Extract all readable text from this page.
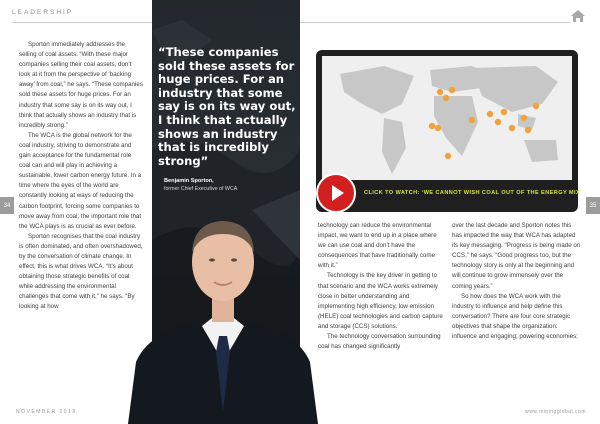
LEADERSHIP

Sporton immediately addresses the selling of coal assets. “With these major companies selling their coal assets, don’t look at it from the perspective of ‘backing away’ from coal,” he says. “These companies sold these assets for huge prices. For an industry that some say is on its way out, I think that actually shows an industry that is incredibly strong.”

The WCA is the global network for the coal industry, striving to demonstrate and gain acceptance for the fundamental role coal can and will play in achieving a sustainable, lower carbon energy future. In a time where the eyes of the world are constantly looking at ways of reducing the carbon footprint, forcing some companies to move away from coal, the important role that the WCA plays is as crucial as ever before.

Sporton recognises that the coal industry is often dominated, and often overshadowed, by the conversation of climate change. In effect, this is what drives WCA. “It’s about obtaining those strategic benefits of coal while addressing the environmental challenges that come with it,” he says. “By looking at how

34	35
“These companies sold these assets for huge prices. For an industry that some say is on its way out, I think that actually shows an industry that is incredibly strong”
Benjamin Sporton,
former Chief Executive of WCA
CLICK TO WATCH: ‘WE CANNOT WISH COAL OUT OF THE ENERGY MIX’

technology can reduce the environmental impact, we want to end up in a place where we can use coal and don’t have the consequences that have traditionally come with it.”

Technology is the key driver in getting to that scenario and the WCA works extremely close in better understanding and implementing high efficiency, low emission (HELE) coal technologies and carbon capture and storage (CCS) solutions.

The technology conversation surrounding coal has changed significantly

over the last decade and Sporton notes this has impacted the way that WCA has adapted its key messaging. “Progress is being made on CCS,” he says. “Good progress too, but the technology story is only at the beginning and will continue to grow immensely over the coming years.”

So how does the WCA work with the industry to influence and help define this conversation? There are four core strategic objectives that shape the organization: influence and engaging; powering economies;

NOVEMBER 2018	www.miningglobal.com
